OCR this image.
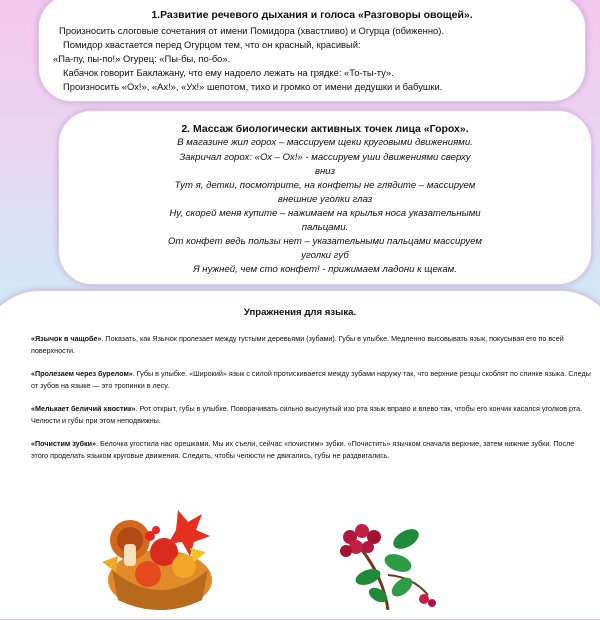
1.Развитие речевого дыхания и голоса «Разговоры овощей».
Произносить слоговые сочетания от имени Помидора (хвастливо) и Огурца (обиженно).
Помидор хвастается перед Огурцом тем, что он красный, красивый:
«Па-пу, пы-по!» Огурец: «Пы-бы, по-бо».
Кабачок говорит Баклажану, что ему надоело лежать на грядке: «То-ты-ту».
Произносить «Ох!», «Ах!», «Ух!» шепотом, тихо и громко от имени дедушки и бабушки.
2. Массаж биологически активных точек лица «Горох».
В магазине жил горох – массируем щеки круговыми движениями.
Закричал горох: «Ох – Ох!» - массируем уши движениями сверху
вниз
Тут я, детки, посмотрите, на конфеты не глядите – массируем
внешние уголки глаз
Ну, скорей меня купите – нажимаем на крылья носа указательными
пальцами.
От конфет ведь пользы нет – указательными пальцами массируем
уголки губ
Я нужней, чем сто конфет! - прижимаем ладони к щекам.
Упражнения для языка.
«Язычок в чащобе». Показать, как Язычок пролезает между густыми деревьями (зубами). Губы в улыбке. Медленно высовывать язык, покусывая его по всей поверхности.
«Пролезаем через бурелом». Губы в улыбке. «Широкий» язык с силой протискивается между зубами наружу так, что верхние резцы скоблят по спинке языка. Следы от зубов на языке — это тропинки в лесу.
«Мелькает беличий хвостик». Рот открыт, губы в улыбке. Поворачивать сильно высунутый изо рта язык вправо и влево так, чтобы его кончик касался уголков рта. Челюсти и губы при этом неподвижны.
«Почистим зубки». Белочка угостила нас орешками. Мы их съели, сейчас «почистим» зубки. «Почистить» язычком сначала верхние, затем нижние зубки. После этого проделать языком круговые движения. Следить, чтобы челюсти не двигались, губы не раздвигались.
